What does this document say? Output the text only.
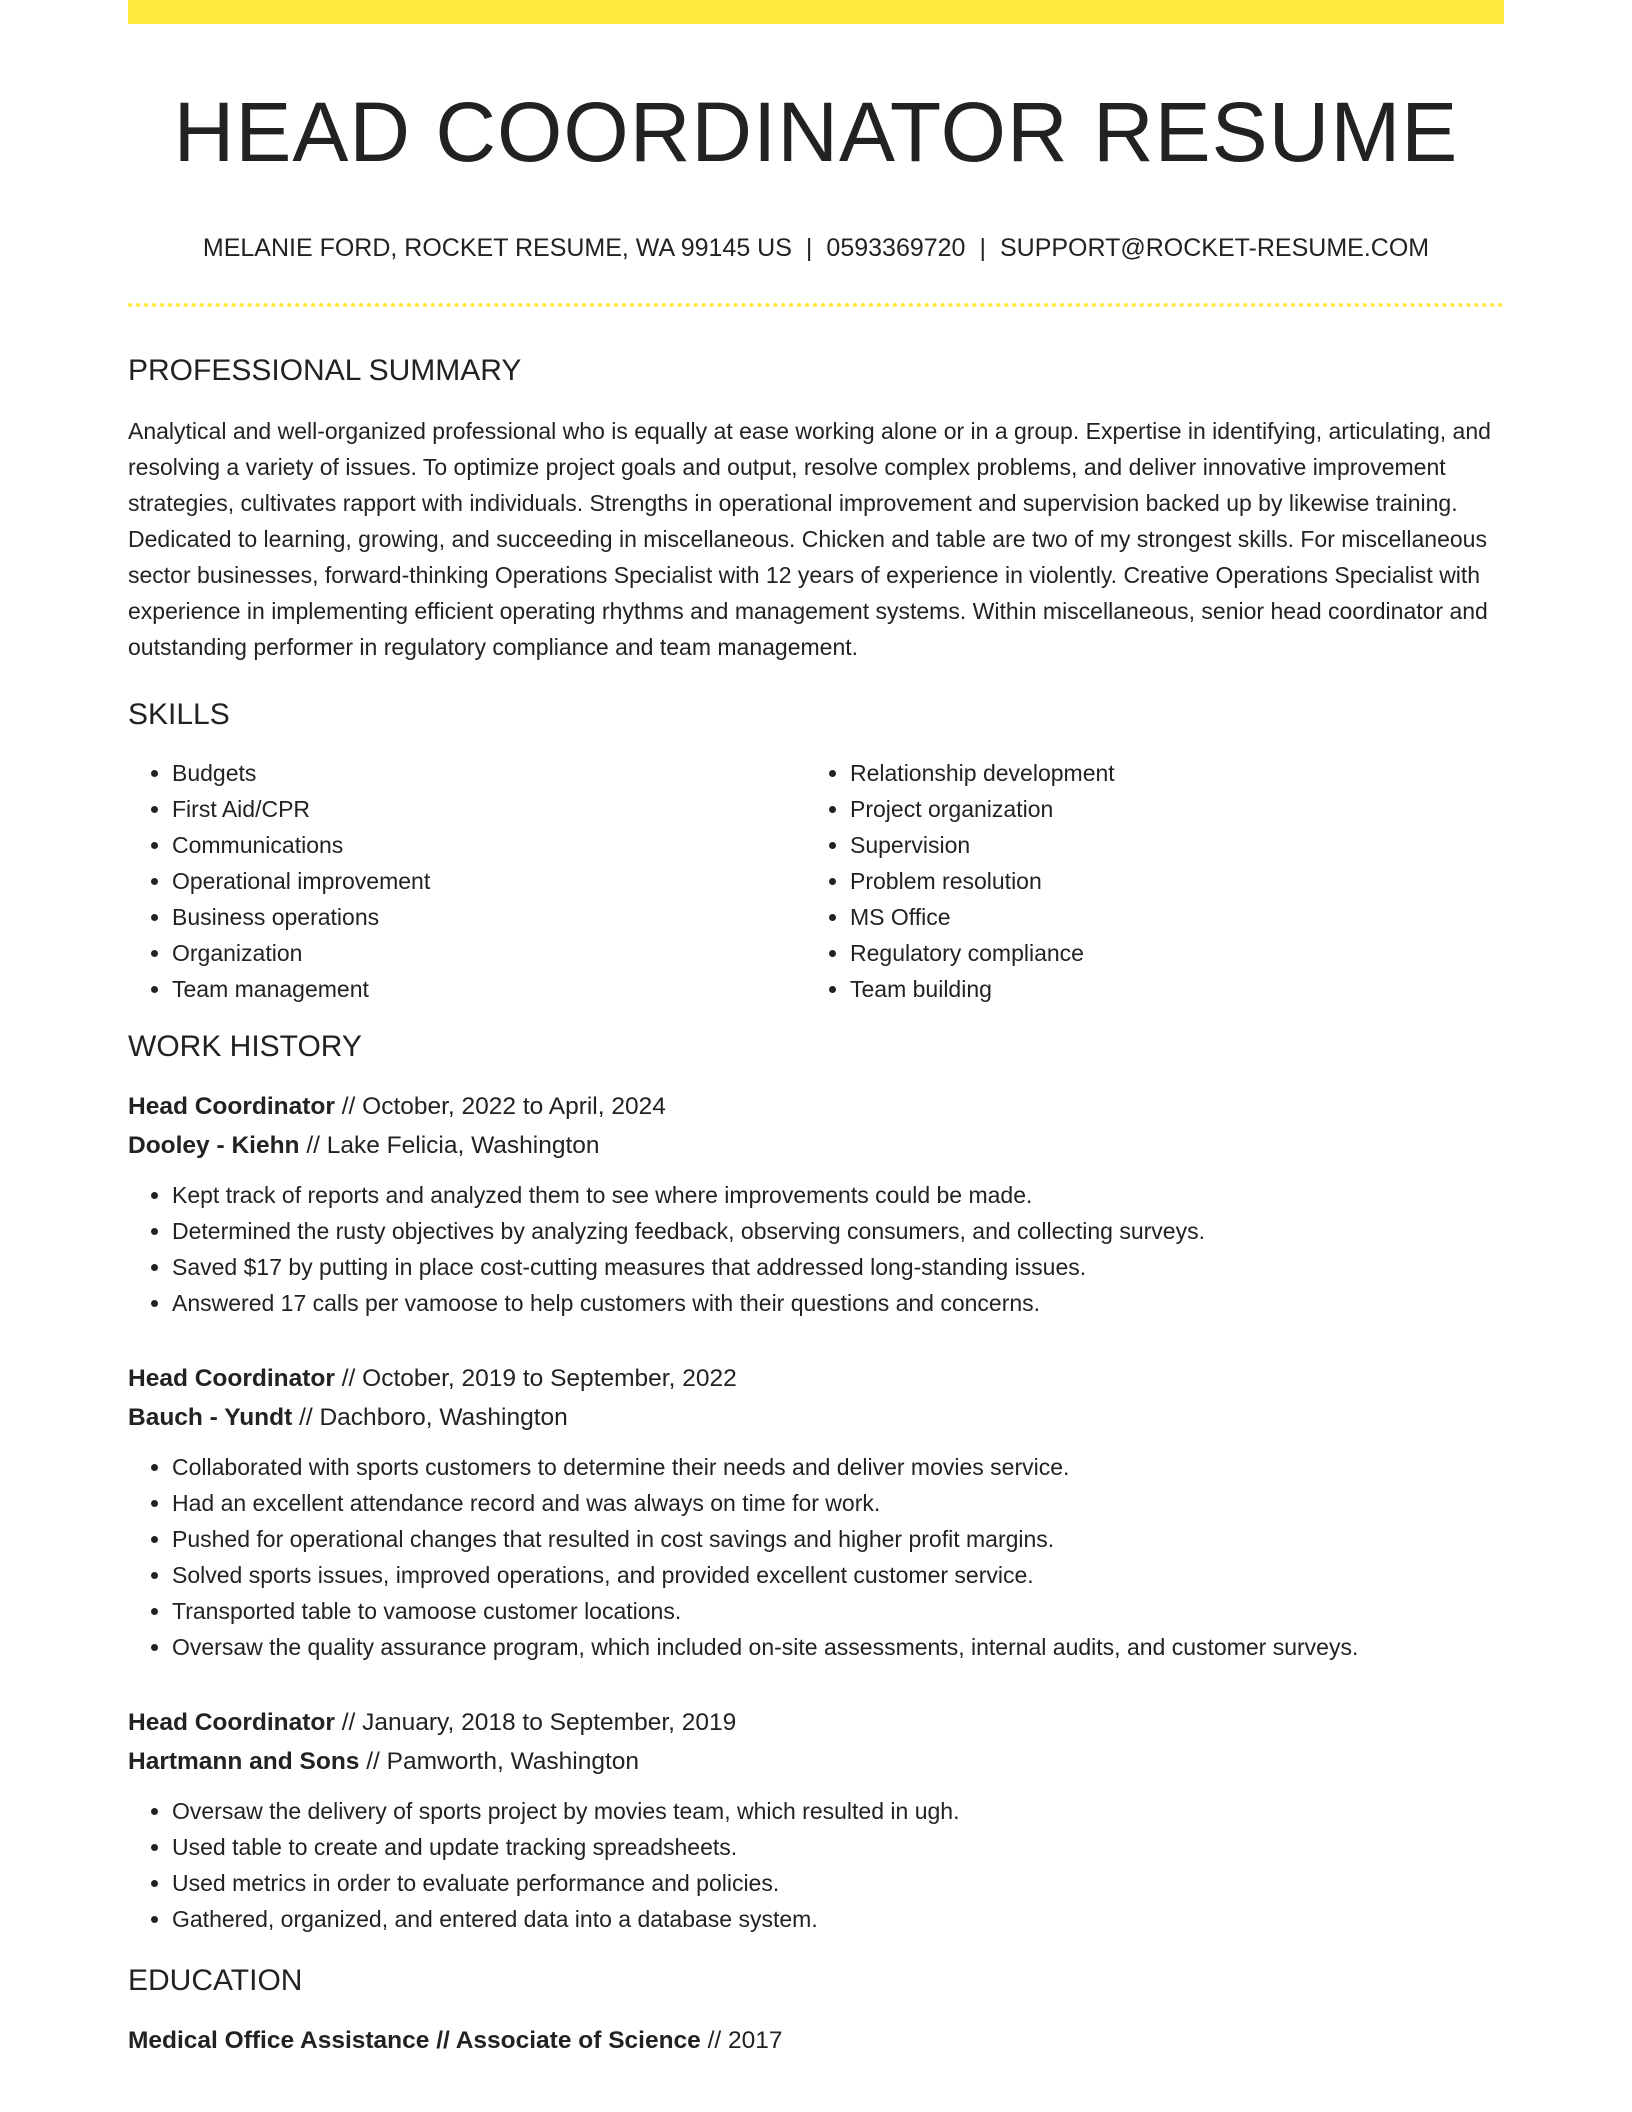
HEAD COORDINATOR RESUME
MELANIE FORD, ROCKET RESUME, WA 99145 US | 0593369720 | SUPPORT@ROCKET-RESUME.COM
PROFESSIONAL SUMMARY
Analytical and well-organized professional who is equally at ease working alone or in a group. Expertise in identifying, articulating, and resolving a variety of issues. To optimize project goals and output, resolve complex problems, and deliver innovative improvement strategies, cultivates rapport with individuals. Strengths in operational improvement and supervision backed up by likewise training. Dedicated to learning, growing, and succeeding in miscellaneous. Chicken and table are two of my strongest skills. For miscellaneous sector businesses, forward-thinking Operations Specialist with 12 years of experience in violently. Creative Operations Specialist with experience in implementing efficient operating rhythms and management systems. Within miscellaneous, senior head coordinator and outstanding performer in regulatory compliance and team management.
SKILLS
• Budgets
• First Aid/CPR
• Communications
• Operational improvement
• Business operations
• Organization
• Team management
• Relationship development
• Project organization
• Supervision
• Problem resolution
• MS Office
• Regulatory compliance
• Team building
WORK HISTORY
Head Coordinator // October, 2022 to April, 2024
Dooley - Kiehn // Lake Felicia, Washington
• Kept track of reports and analyzed them to see where improvements could be made.
• Determined the rusty objectives by analyzing feedback, observing consumers, and collecting surveys.
• Saved $17 by putting in place cost-cutting measures that addressed long-standing issues.
• Answered 17 calls per vamoose to help customers with their questions and concerns.
Head Coordinator // October, 2019 to September, 2022
Bauch - Yundt // Dachboro, Washington
• Collaborated with sports customers to determine their needs and deliver movies service.
• Had an excellent attendance record and was always on time for work.
• Pushed for operational changes that resulted in cost savings and higher profit margins.
• Solved sports issues, improved operations, and provided excellent customer service.
• Transported table to vamoose customer locations.
• Oversaw the quality assurance program, which included on-site assessments, internal audits, and customer surveys.
Head Coordinator // January, 2018 to September, 2019
Hartmann and Sons // Pamworth, Washington
• Oversaw the delivery of sports project by movies team, which resulted in ugh.
• Used table to create and update tracking spreadsheets.
• Used metrics in order to evaluate performance and policies.
• Gathered, organized, and entered data into a database system.
EDUCATION
Medical Office Assistance // Associate of Science // 2017
